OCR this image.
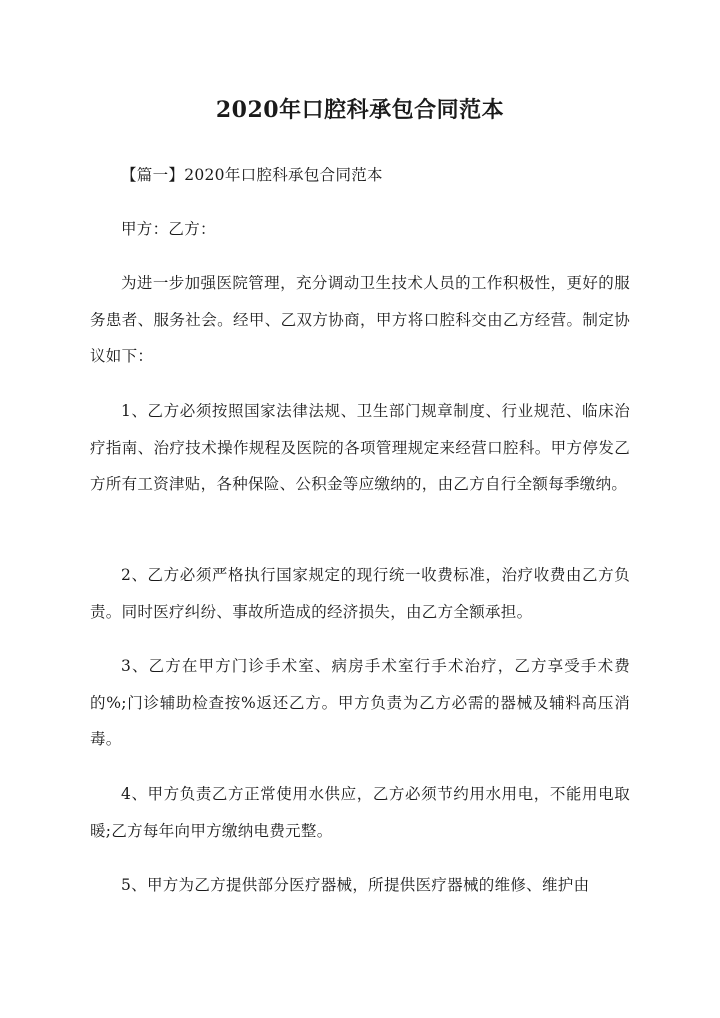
2020年口腔科承包合同范本
【篇一】2020年口腔科承包合同范本
甲方：乙方：
为进一步加强医院管理，充分调动卫生技术人员的工作积极性，更好的服务患者、服务社会。经甲、乙双方协商，甲方将口腔科交由乙方经营。制定协议如下：
1、乙方必须按照国家法律法规、卫生部门规章制度、行业规范、临床治疗指南、治疗技术操作规程及医院的各项管理规定来经营口腔科。甲方停发乙方所有工资津贴，各种保险、公积金等应缴纳的，由乙方自行全额每季缴纳。
2、乙方必须严格执行国家规定的现行统一收费标准，治疗收费由乙方负责。同时医疗纠纷、事故所造成的经济损失，由乙方全额承担。
3、乙方在甲方门诊手术室、病房手术室行手术治疗，乙方享受手术费的%;门诊辅助检查按%返还乙方。甲方负责为乙方必需的器械及辅料高压消毒。
4、甲方负责乙方正常使用水供应，乙方必须节约用水用电，不能用电取暖;乙方每年向甲方缴纳电费元整。
5、甲方为乙方提供部分医疗器械，所提供医疗器械的维修、维护由
